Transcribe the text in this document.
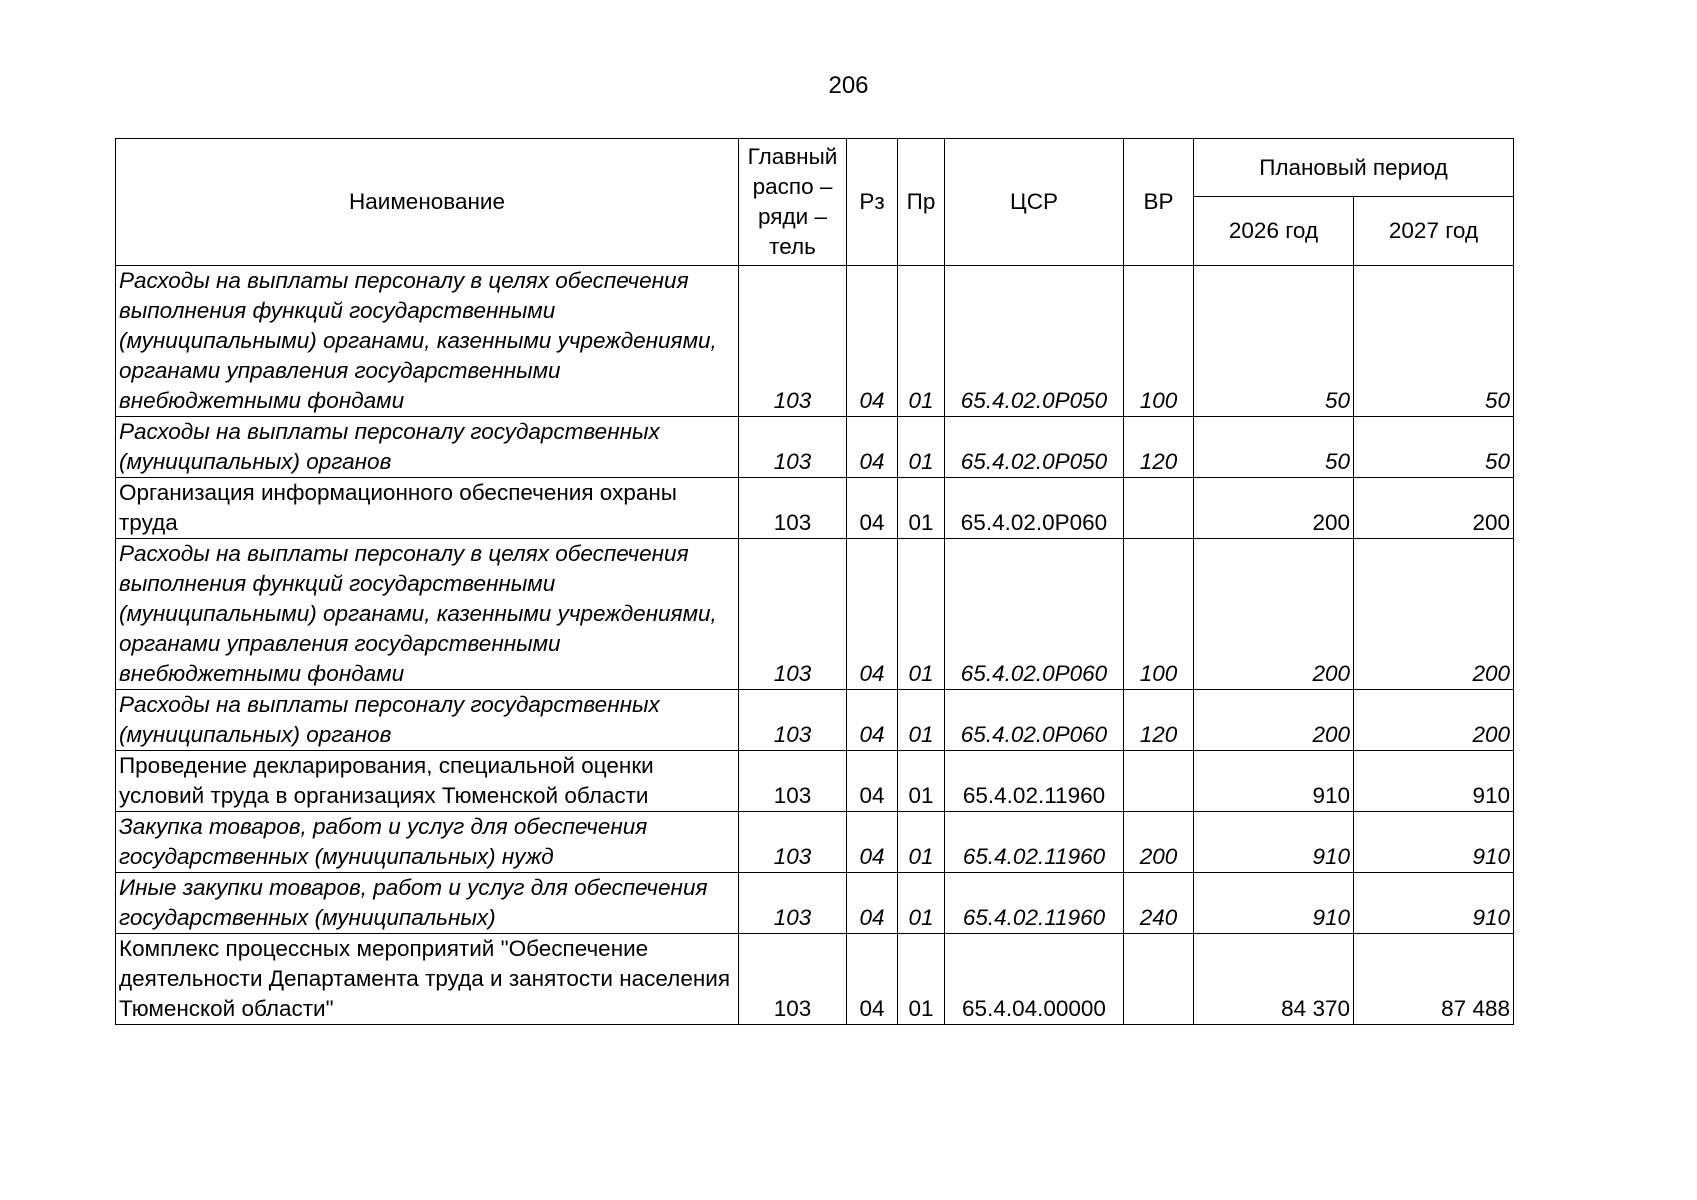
206
Наименование	Главный распо – ряди – тель	Рз	Пр	ЦСР	ВР	Плановый период	
						2026 год	2027 год
Расходы на выплаты персоналу в целях обеспечения выполнения функций государственными (муниципальными) органами, казенными учреждениями, органами управления государственными внебюджетными фондами	103	04	01	65.4.02.0P050	100	50	50
Расходы на выплаты персоналу государственных (муниципальных) органов	103	04	01	65.4.02.0P050	120	50	50
Организация информационного обеспечения охраны труда	103	04	01	65.4.02.0P060		200	200
Расходы на выплаты персоналу в целях обеспечения выполнения функций государственными (муниципальными) органами, казенными учреждениями, органами управления государственными внебюджетными фондами	103	04	01	65.4.02.0P060	100	200	200
Расходы на выплаты персоналу государственных (муниципальных) органов	103	04	01	65.4.02.0P060	120	200	200
Проведение декларирования, специальной оценки условий труда в организациях Тюменской области	103	04	01	65.4.02.11960		910	910
Закупка товаров, работ и услуг для обеспечения государственных (муниципальных) нужд	103	04	01	65.4.02.11960	200	910	910
Иные закупки товаров, работ и услуг для обеспечения государственных (муниципальных)	103	04	01	65.4.02.11960	240	910	910
Комплекс процессных мероприятий "Обеспечение деятельности Департамента труда и занятости населения Тюменской области"	103	04	01	65.4.04.00000		84 370	87 488
